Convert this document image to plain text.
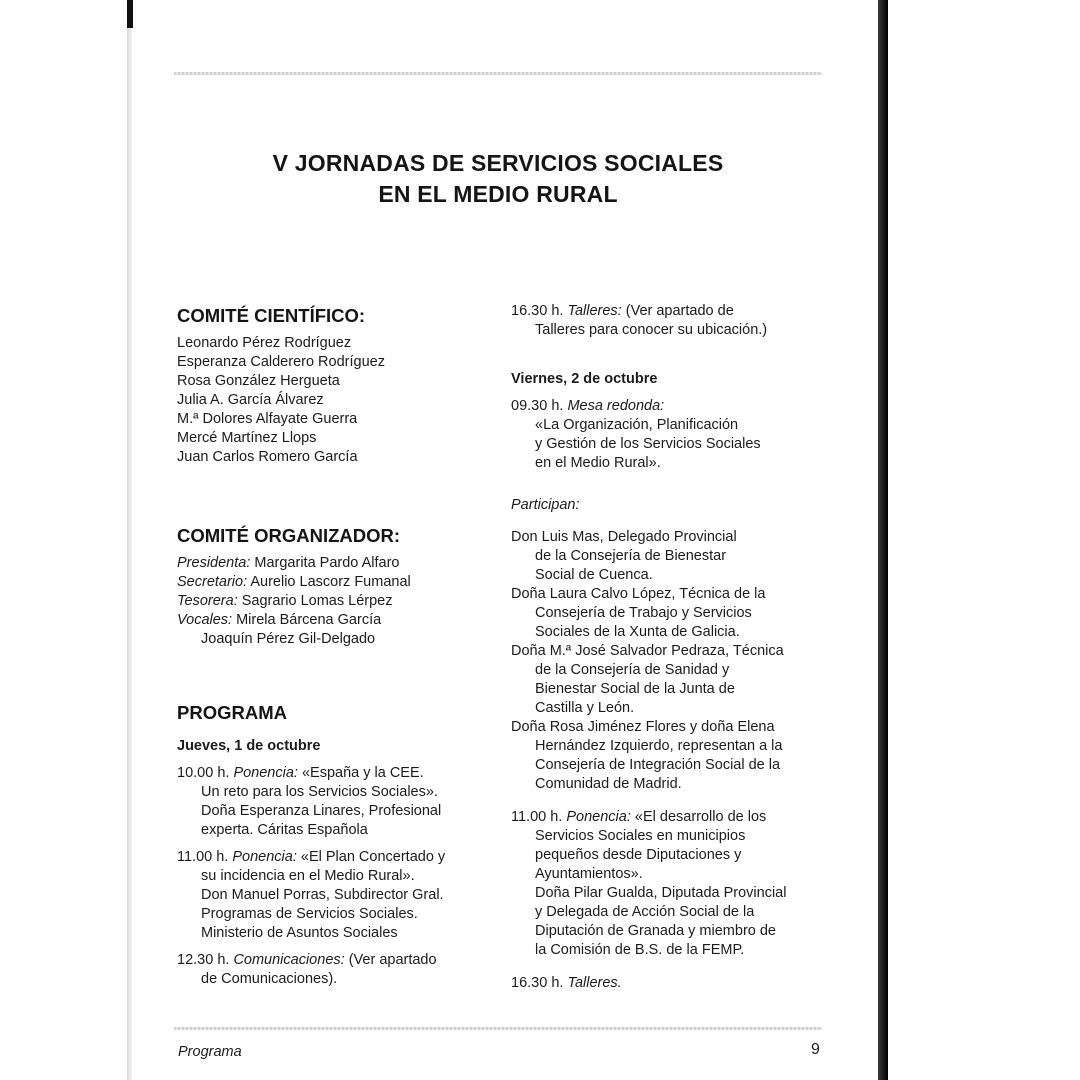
V JORNADAS DE SERVICIOS SOCIALES
EN EL MEDIO RURAL
COMITÉ CIENTÍFICO:
Leonardo Pérez Rodríguez
Esperanza Calderero Rodríguez
Rosa González Hergueta
Julia A. García Álvarez
M.ª Dolores Alfayate Guerra
Mercé Martínez Llops
Juan Carlos Romero García
COMITÉ ORGANIZADOR:
Presidenta: Margarita Pardo Alfaro
Secretario: Aurelio Lascorz Fumanal
Tesorera: Sagrario Lomas Lérpez
Vocales: Mirela Bárcena García
Joaquín Pérez Gil-Delgado
PROGRAMA
Jueves, 1 de octubre
10.00 h. Ponencia: «España y la CEE.
Un reto para los Servicios Sociales».
Doña Esperanza Linares, Profesional
experta. Cáritas Española
11.00 h. Ponencia: «El Plan Concertado y
su incidencia en el Medio Rural».
Don Manuel Porras, Subdirector Gral.
Programas de Servicios Sociales.
Ministerio de Asuntos Sociales
12.30 h. Comunicaciones: (Ver apartado
de Comunicaciones).
16.30 h. Talleres: (Ver apartado de
Talleres para conocer su ubicación.)
Viernes, 2 de octubre
09.30 h. Mesa redonda:
«La Organización, Planificación
y Gestión de los Servicios Sociales
en el Medio Rural».
Participan:
Don Luis Mas, Delegado Provincial
de la Consejería de Bienestar
Social de Cuenca.
Doña Laura Calvo López, Técnica de la
Consejería de Trabajo y Servicios
Sociales de la Xunta de Galicia.
Doña M.ª José Salvador Pedraza, Técnica
de la Consejería de Sanidad y
Bienestar Social de la Junta de
Castilla y León.
Doña Rosa Jiménez Flores y doña Elena
Hernández Izquierdo, representan a la
Consejería de Integración Social de la
Comunidad de Madrid.
11.00 h. Ponencia: «El desarrollo de los
Servicios Sociales en municipios
pequeños desde Diputaciones y
Ayuntamientos».
Doña Pilar Gualda, Diputada Provincial
y Delegada de Acción Social de la
Diputación de Granada y miembro de
la Comisión de B.S. de la FEMP.
16.30 h. Talleres.
Programa	9
